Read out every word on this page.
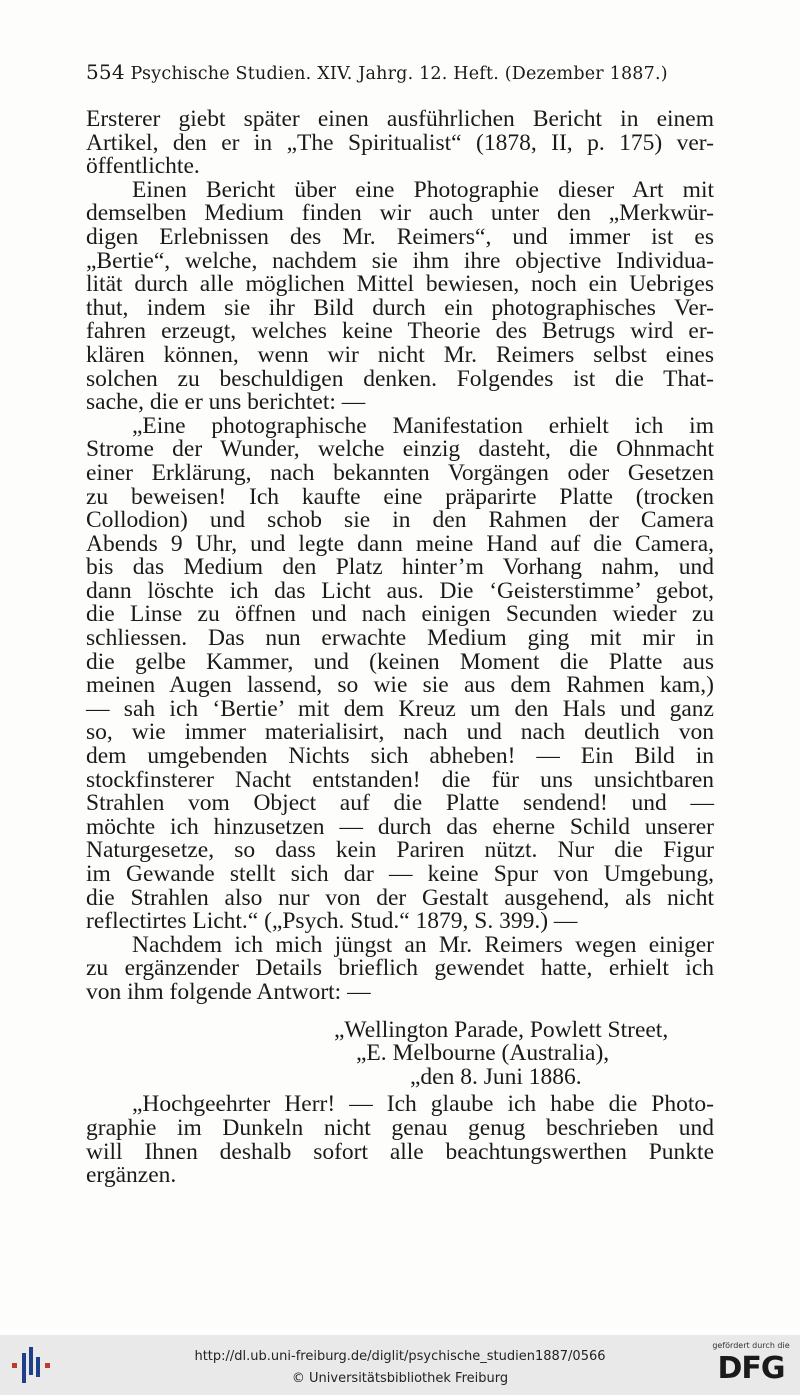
554 Psychische Studien. XIV. Jahrg. 12. Heft. (Dezember 1887.)
Ersterer giebt später einen ausführlichen Bericht in einem
Artikel, den er in „The Spiritualist“ (1878, II, p. 175) ver-
öffentlichte.
Einen Bericht über eine Photographie dieser Art mit
demselben Medium finden wir auch unter den „Merkwür-
digen Erlebnissen des Mr. Reimers“, und immer ist es
„Bertie“, welche, nachdem sie ihm ihre objective Individua-
lität durch alle möglichen Mittel bewiesen, noch ein Uebriges
thut, indem sie ihr Bild durch ein photographisches Ver-
fahren erzeugt, welches keine Theorie des Betrugs wird er-
klären können, wenn wir nicht Mr. Reimers selbst eines
solchen zu beschuldigen denken. Folgendes ist die That-
sache, die er uns berichtet: —
„Eine photographische Manifestation erhielt ich im
Strome der Wunder, welche einzig dasteht, die Ohnmacht
einer Erklärung, nach bekannten Vorgängen oder Gesetzen
zu beweisen! Ich kaufte eine präparirte Platte (trocken
Collodion) und schob sie in den Rahmen der Camera
Abends 9 Uhr, und legte dann meine Hand auf die Camera,
bis das Medium den Platz hinter’m Vorhang nahm, und
dann löschte ich das Licht aus. Die ‘Geisterstimme’ gebot,
die Linse zu öffnen und nach einigen Secunden wieder zu
schliessen. Das nun erwachte Medium ging mit mir in
die gelbe Kammer, und (keinen Moment die Platte aus
meinen Augen lassend, so wie sie aus dem Rahmen kam,)
— sah ich ‘Bertie’ mit dem Kreuz um den Hals und ganz
so, wie immer materialisirt, nach und nach deutlich von
dem umgebenden Nichts sich abheben! — Ein Bild in
stockfinsterer Nacht entstanden! die für uns unsichtbaren
Strahlen vom Object auf die Platte sendend! und —
möchte ich hinzusetzen — durch das eherne Schild unserer
Naturgesetze, so dass kein Pariren nützt. Nur die Figur
im Gewande stellt sich dar — keine Spur von Umgebung,
die Strahlen also nur von der Gestalt ausgehend, als nicht
reflectirtes Licht.“ („Psych. Stud.“ 1879, S. 399.) —
Nachdem ich mich jüngst an Mr. Reimers wegen einiger
zu ergänzender Details brieflich gewendet hatte, erhielt ich
von ihm folgende Antwort: —
„Wellington Parade, Powlett Street,
„E. Melbourne (Australia),
„den 8. Juni 1886.
„Hochgeehrter Herr! — Ich glaube ich habe die Photo-
graphie im Dunkeln nicht genau genug beschrieben und
will Ihnen deshalb sofort alle beachtungswerthen Punkte
ergänzen.
http://dl.ub.uni-freiburg.de/diglit/psychische_studien1887/0566
© Universitätsbibliothek Freiburg
gefördert durch die
DFG
